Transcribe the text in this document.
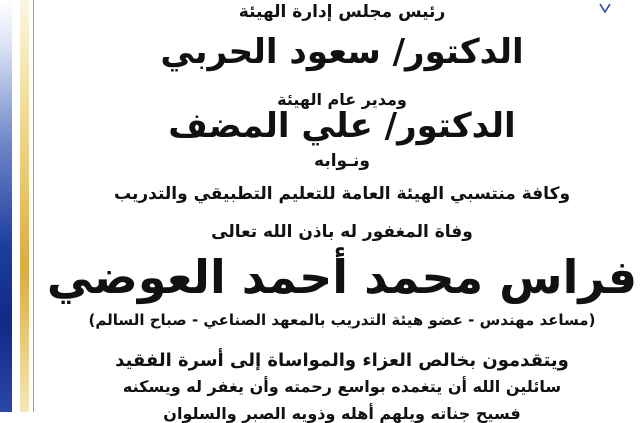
رئيس مجلس إدارة الهيئة
الدكتور/ سعود الحربي
ومدير عام الهيئة
الدكتور/ علي المضف
ونـوابه
وكافة منتسبي الهيئة العامة للتعليم التطبيقي والتدريب
وفاة المغفور له باذن الله تعالى
فراس محمد أحمد العوضي
(مساعد مهندس - عضو هيئة التدريب بالمعهد الصناعي - صباح السالم)
ويتقدمون بخالص العزاء والمواساة إلى أسرة الفقيد
سائلين الله أن يتغمده بواسع رحمته وأن يغفر له ويسكنه
فسيح جناته ويلهم أهله وذويه الصبر والسلوان
